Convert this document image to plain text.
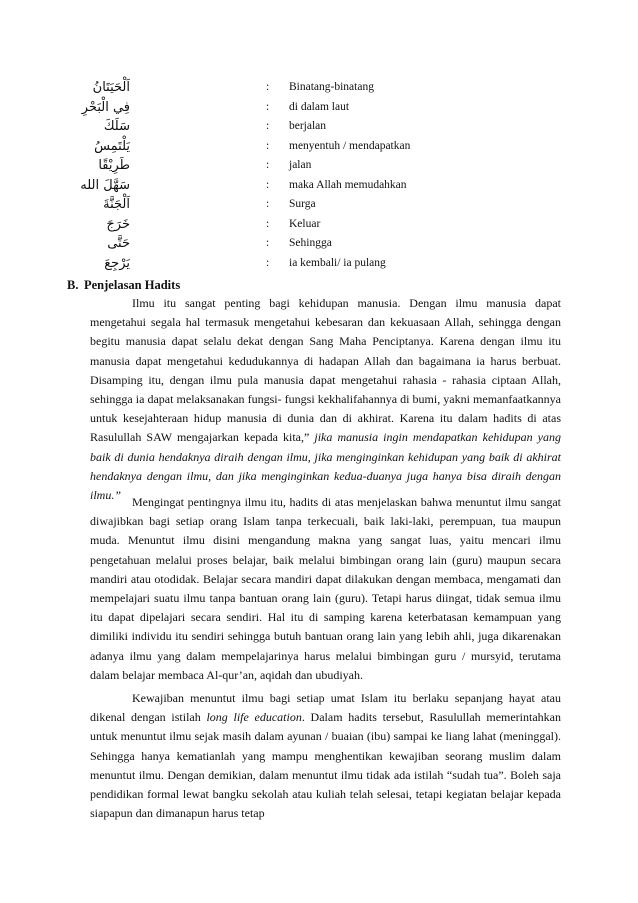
اَلْحَيَتَانُ	: Binatang-binatang
فِي الْبَحْرِ	: di dalam laut
سَلَكَ	: berjalan
يَلْتَمِسُ	: menyentuh / mendapatkan
طَرِيْقًا	: jalan
سَهَّلَ الله	: maka Allah memudahkan
اَلْجَنَّةَ	: Surga
خَرَجَ	: Keluar
حَتَّى	: Sehingga
يَرْجِعَ	: ia kembali/ ia pulang
B. Penjelasan Hadits

Ilmu itu sangat penting bagi kehidupan manusia. Dengan ilmu manusia dapat mengetahui segala hal termasuk mengetahui kebesaran dan kekuasaan Allah, sehingga dengan begitu manusia dapat selalu dekat dengan Sang Maha Penciptanya. Karena dengan ilmu itu manusia dapat mengetahui kedudukannya di hadapan Allah dan bagaimana ia harus berbuat. Disamping itu, dengan ilmu pula manusia dapat mengetahui rahasia - rahasia ciptaan Allah, sehingga ia dapat melaksanakan fungsi- fungsi kekhalifahannya di bumi, yakni memanfaatkannya untuk kesejahteraan hidup manusia di dunia dan di akhirat. Karena itu dalam hadits di atas Rasulullah SAW mengajarkan kepada kita,” jika manusia ingin mendapatkan kehidupan yang baik di dunia hendaknya diraih dengan ilmu, jika menginginkan kehidupan yang baik di akhirat hendaknya dengan ilmu, dan jika menginginkan kedua-duanya juga hanya bisa diraih dengan ilmu.” Mengingat pentingnya ilmu itu, hadits di atas menjelaskan bahwa menuntut ilmu sangat diwajibkan bagi setiap orang Islam tanpa terkecuali, baik laki-laki, perempuan, tua maupun muda. Menuntut ilmu disini mengandung makna yang sangat luas, yaitu mencari ilmu pengetahuan melalui proses belajar, baik melalui bimbingan orang lain (guru) maupun secara mandiri atau otodidak. Belajar secara mandiri dapat dilakukan dengan membaca, mengamati dan mempelajari suatu ilmu tanpa bantuan orang lain (guru). Tetapi harus diingat, tidak semua ilmu itu dapat dipelajari secara sendiri. Hal itu di samping karena keterbatasan kemampuan yang dimiliki individu itu sendiri sehingga butuh bantuan orang lain yang lebih ahli, juga dikarenakan adanya ilmu yang dalam mempelajarinya harus melalui bimbingan guru / mursyid, terutama dalam belajar membaca Al-qur’an, aqidah dan ubudiyah.

Kewajiban menuntut ilmu bagi setiap umat Islam itu berlaku sepanjang hayat atau dikenal dengan istilah long life education. Dalam hadits tersebut, Rasulullah memerintahkan untuk menuntut ilmu sejak masih dalam ayunan / buaian (ibu) sampai ke liang lahat (meninggal). Sehingga hanya kematianlah yang mampu menghentikan kewajiban seorang muslim dalam menuntut ilmu. Dengan demikian, dalam menuntut ilmu tidak ada istilah “sudah tua”. Boleh saja pendidikan formal lewat bangku sekolah atau kuliah telah selesai, tetapi kegiatan belajar kepada siapapun dan dimanapun harus tetap
